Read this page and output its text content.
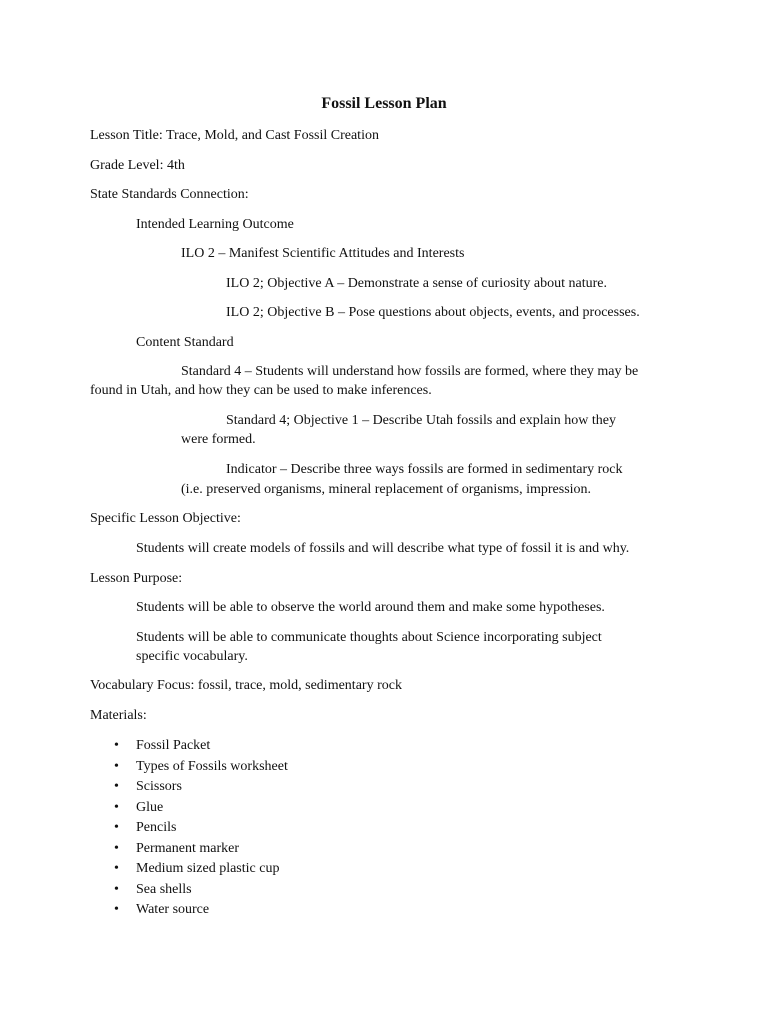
Fossil Lesson Plan
Lesson Title: Trace, Mold, and Cast Fossil Creation
Grade Level: 4th
State Standards Connection:
Intended Learning Outcome
ILO 2 – Manifest Scientific Attitudes and Interests
ILO 2; Objective A – Demonstrate a sense of curiosity about nature.
ILO 2; Objective B – Pose questions about objects, events, and processes.
Content Standard
Standard 4 – Students will understand how fossils are formed, where they may be
found in Utah, and how they can be used to make inferences.
Standard 4; Objective 1 – Describe Utah fossils and explain how they
were formed.
Indicator – Describe three ways fossils are formed in sedimentary rock
(i.e. preserved organisms, mineral replacement of organisms, impression.
Specific Lesson Objective:
Students will create models of fossils and will describe what type of fossil it is and why.
Lesson Purpose:
Students will be able to observe the world around them and make some hypotheses.
Students will be able to communicate thoughts about Science incorporating subject
specific vocabulary.
Vocabulary Focus: fossil, trace, mold, sedimentary rock
Materials:
• Fossil Packet
• Types of Fossils worksheet
• Scissors
• Glue
• Pencils
• Permanent marker
• Medium sized plastic cup
• Sea shells
• Water source
